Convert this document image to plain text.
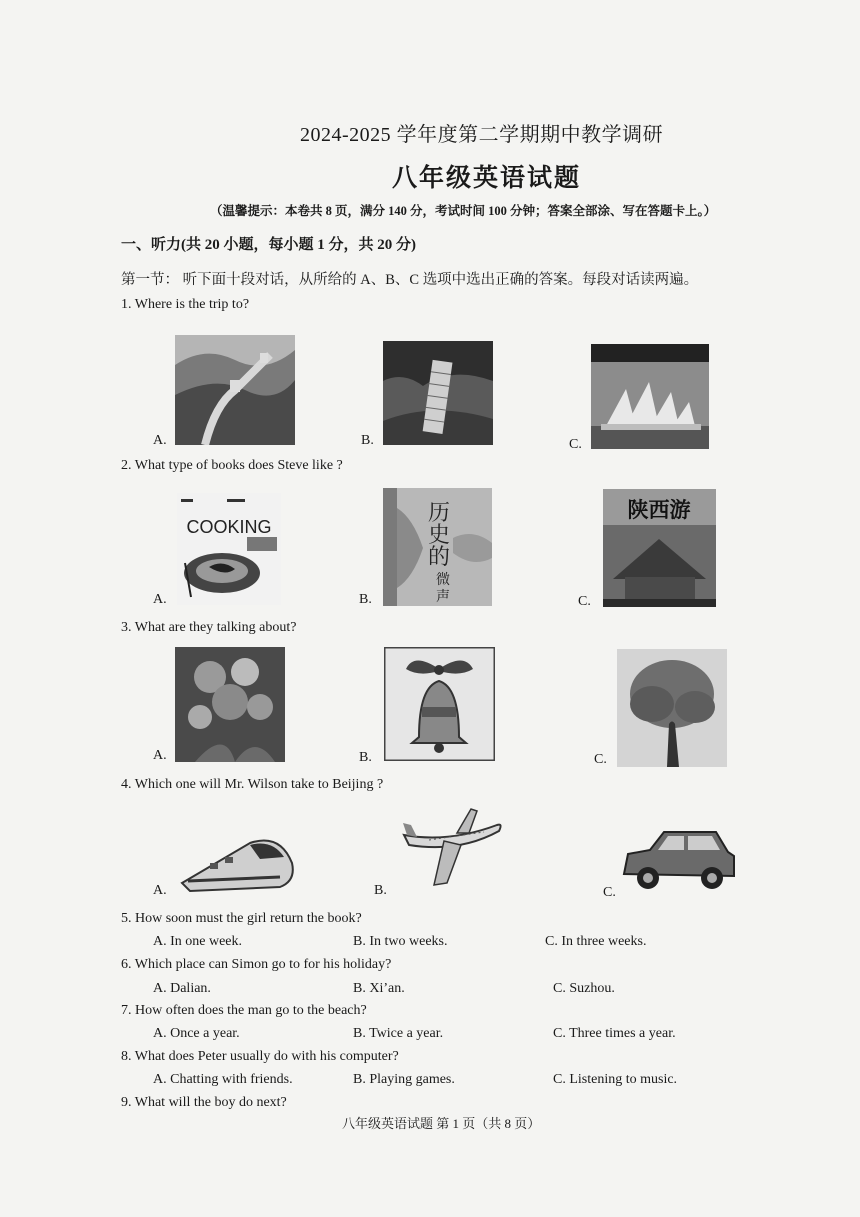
2024-2025 学年度第二学期期中教学调研
八年级英语试题
（温馨提示：本卷共 8 页，满分 140 分，考试时间 100 分钟；答案全部涂、写在答题卡上。）
一、听力(共 20 小题，每小题 1 分，共 20 分)
第一节： 听下面十段对话，从所给的 A、B、C 选项中选出正确的答案。每段对话读两遍。
1. Where is the trip to?
A.	B.	C.
2. What type of books does Steve like ?
A.
COOKING
B.
历
史
的
微
声	C.
陕西游
3. What are they talking about?
A.	B.	C.
4. Which one will Mr. Wilson take to Beijing ?
A.	B.	C.
5. How soon must the girl return the book?
A. In one week.	B. In two weeks.	C. In three weeks.
6. Which place can Simon go to for his holiday?
A. Dalian.	B. Xi’an.	C. Suzhou.
7. How often does the man go to the beach?
A. Once a year.	B. Twice a year.	C. Three times a year.
8. What does Peter usually do with his computer?
A. Chatting with friends.	B. Playing games.	C. Listening to music.
9. What will the boy do next?
八年级英语试题 第 1 页（共 8 页）
